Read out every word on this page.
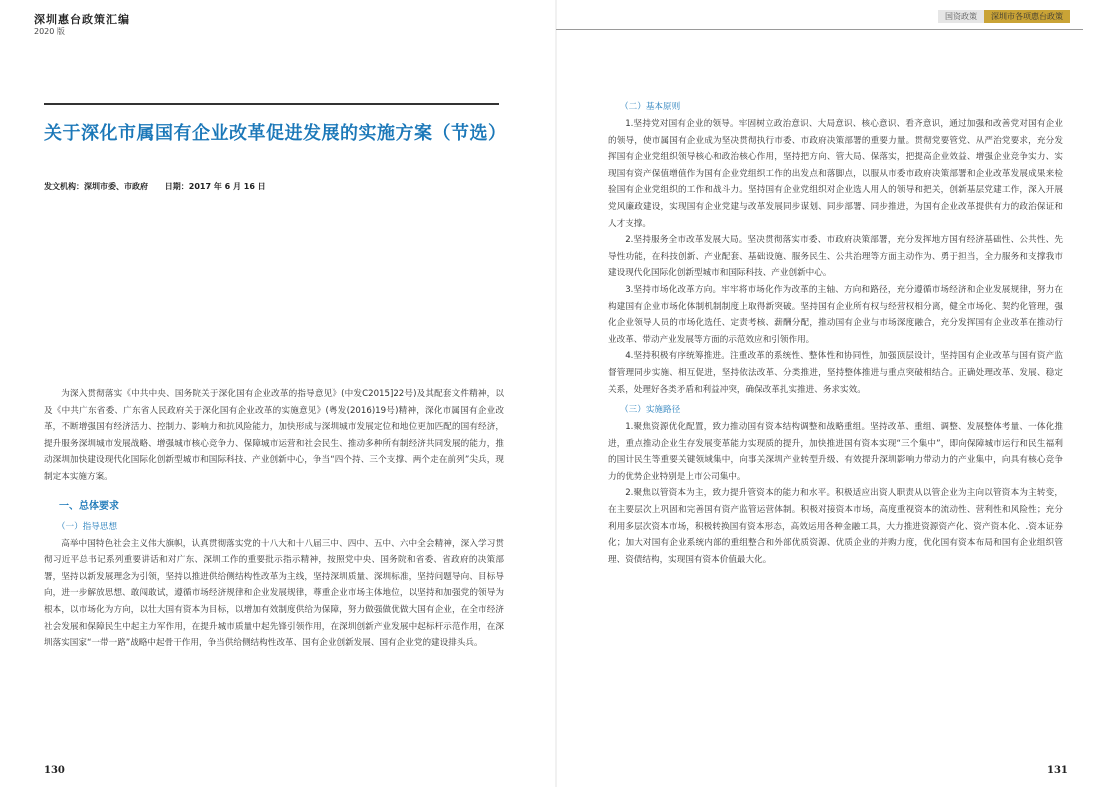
深圳惠台政策汇编
2020 版
关于深化市属国有企业改革促进发展的实施方案（节选）
发文机构：深圳市委、市政府 日期：2017 年 6 月 16 日

为深入贯彻落实《中共中央、国务院关于深化国有企业改革的指导意见》(中发C2015]22号)及其配套文件精神，以及《中共广东省委、广东省人民政府关于深化国有企业改革的实施意见》(粤发(2016)19号)精神，深化市属国有企业改革，不断增强国有经济活力、控制力、影响力和抗风险能力，加快形成与深圳城市发展定位和地位更加匹配的国有经济，提升服务深圳城市发展战略、增强城市核心竞争力、保障城市运营和社会民生、推动多种所有制经济共同发展的能力，推动深圳加快建设现代化国际化创新型城市和国际科技、产业创新中心，争当“四个持、三个支撑、两个走在前列”尖兵，现制定本实施方案。

一、总体要求
（一）指导思想

高举中国特色社会主义伟大旗帜，认真贯彻落实党的十八大和十八届三中、四中、五中、六中全会精神，深入学习贯彻习近平总书记系列重要讲话和对广东、深圳工作的重要批示指示精神，按照党中央、国务院和省委、省政府的决策部署，坚持以新发展理念为引领，坚持以推进供给侧结构性改革为主线，坚持深圳质量、深圳标准，坚持问题导向、目标导向，进一步解放思想、敢闯敢试，遵循市场经济规律和企业发展规律，尊重企业市场主体地位，以坚持和加强党的领导为根本，以市场化为方向，以壮大国有资本为目标，以增加有效制度供给为保障，努力做强做优做大国有企业，在全市经济社会发展和保障民生中起主力军作用，在提升城市质量中起先锋引领作用，在深圳创新产业发展中起标杆示范作用，在深圳落实国家“一带一路”战略中起骨干作用，争当供给侧结构性改革、国有企业创新发展、国有企业党的建设排头兵。

130
国资政策	深圳市各项惠台政策
（二）基本原则

1.坚持党对国有企业的领导。牢固树立政治意识、大局意识、核心意识、看齐意识，通过加强和改善党对国有企业的领导，使市属国有企业成为坚决贯彻执行市委、市政府决策部署的重要力量。贯彻党要管党、从严治党要求，充分发挥国有企业党组织领导核心和政治核心作用，坚持把方向、管大局、保落实，把提高企业效益、增强企业竞争实力、实现国有资产保值增值作为国有企业党组织工作的出发点和落脚点，以服从市委市政府决策部署和企业改革发展成果来检验国有企业党组织的工作和战斗力。坚持国有企业党组织对企业选人用人的领导和把关，创新基层党建工作，深入开展党风廉政建设，实现国有企业党建与改革发展同步谋划、同步部署、同步推进，为国有企业改革提供有力的政治保证和人才支撑。

2.坚持服务全市改革发展大局。坚决贯彻落实市委、市政府决策部署，充分发挥地方国有经济基础性、公共性、先导性功能，在科技创新、产业配套、基础设施、服务民生、公共治理等方面主动作为、勇于担当，全力服务和支撑我市建设现代化国际化创新型城市和国际科技、产业创新中心。

3.坚持市场化改革方向。牢牢将市场化作为改革的主轴、方向和路径，充分遵循市场经济和企业发展规律，努力在构建国有企业市场化体制机制制度上取得新突破。坚持国有企业所有权与经营权相分离，健全市场化、契约化管理，强化企业领导人员的市场化选任、定责考核、薪酬分配，推动国有企业与市场深度融合，充分发挥国有企业改革在推动行业改革、带动产业发展等方面的示范效应和引领作用。

4.坚持积极有序统筹推进。注重改革的系统性、整体性和协同性，加强顶层设计，坚持国有企业改革与国有资产监督管理同步实施、相互促进，坚持依法改革、分类推进，坚持整体推进与重点突破相结合。正确处理改革、发展、稳定关系，处理好各类矛盾和利益冲突，确保改革扎实推进、务求实效。

（三）实施路径

1.聚焦资源优化配置，致力推动国有资本结构调整和战略重组。坚持改革、重组、调整、发展整体考量、一体化推进，重点推动企业生存发展变革能力实现质的提升，加快推进国有资本实现“三个集中”，即向保障城市运行和民生福利的国计民生等重要关键领域集中，向事关深圳产业转型升级、有效提升深圳影响力带动力的产业集中，向具有核心竞争力的优势企业特别是上市公司集中。

2.聚焦以管资本为主，致力提升管资本的能力和水平。积极适应出资人职责从以管企业为主向以管资本为主转变，在主要层次上巩固和完善国有资产监管运营体制。积极对接资本市场，高度重视资本的流动性、营利性和风险性；充分利用多层次资本市场，积极转换国有资本形态，高效运用各种金融工具，大力推进资源资产化、资产资本化、.资本证券化；加大对国有企业系统内部的重组整合和外部优质资源、优质企业的并购力度，优化国有资本布局和国有企业组织管理、资债结构，实现国有资本价值最大化。

131
